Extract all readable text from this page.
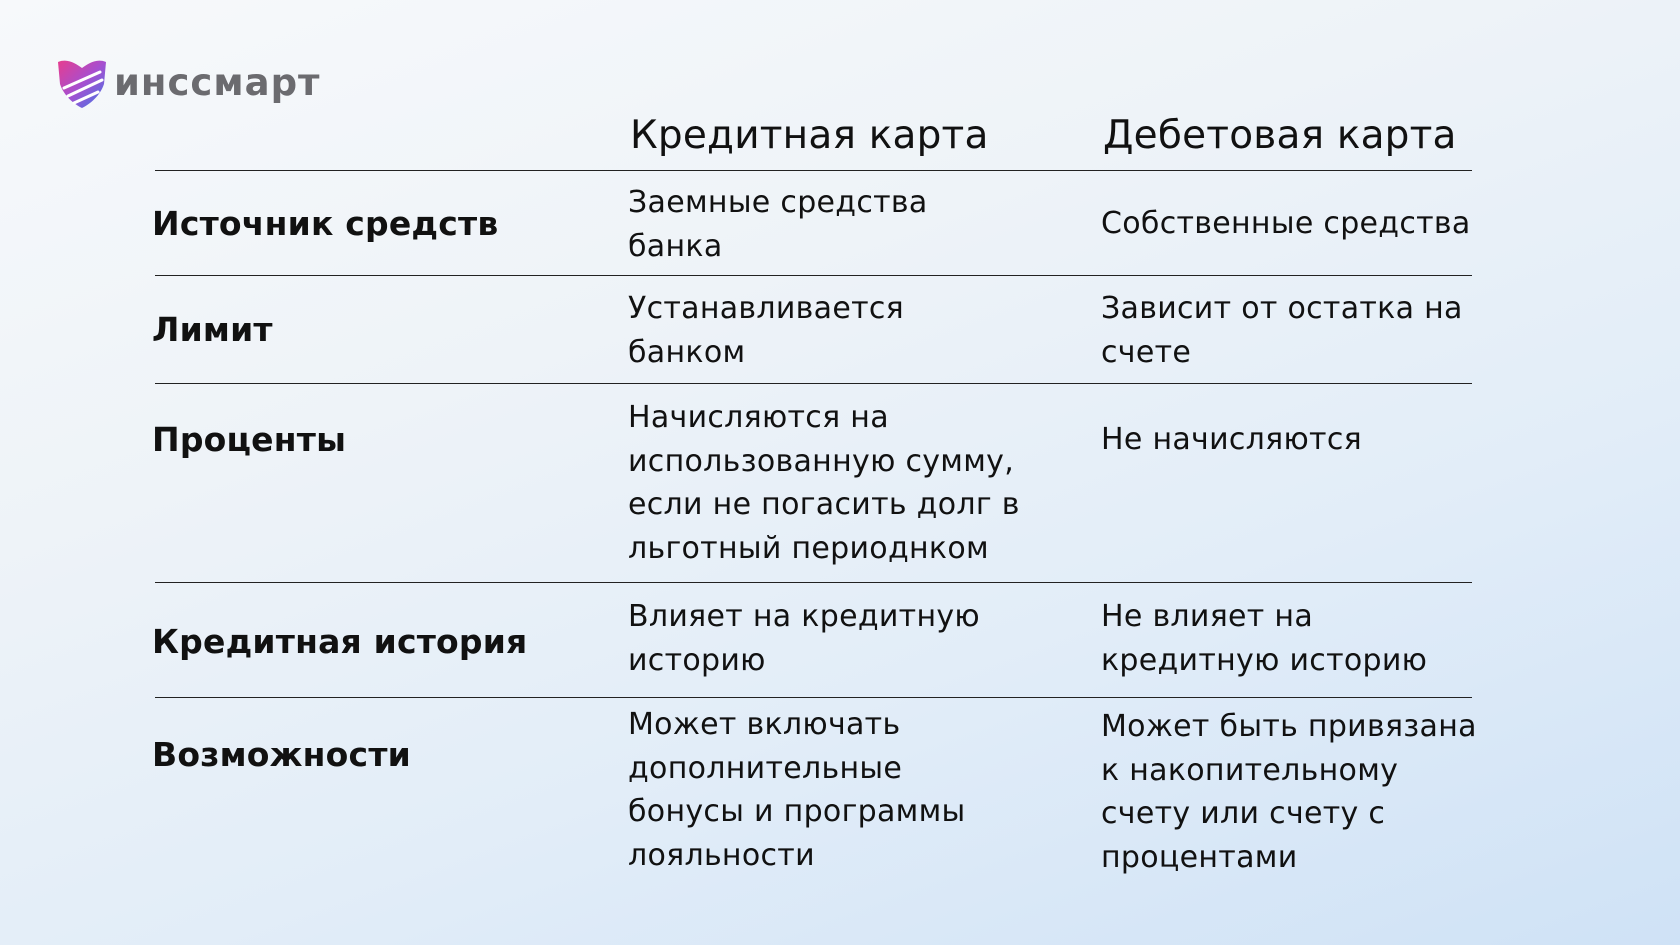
инссмарт
Кредитная карта	Дебетовая карта
Источник средств
Заемные средства
банка
Собственные средства
Лимит
Устанавливается
банком
Зависит от остатка на
счете
Проценты
Начисляются на
использованную сумму,
если не погасить долг в
льготный периоднком
Не начисляются
Кредитная история
Влияет на кредитную
историю
Не влияет на
кредитную историю
Возможности
Может включать
дополнительные
бонусы и программы
лояльности
Может быть привязана
к накопительному
счету или счету с
процентами
